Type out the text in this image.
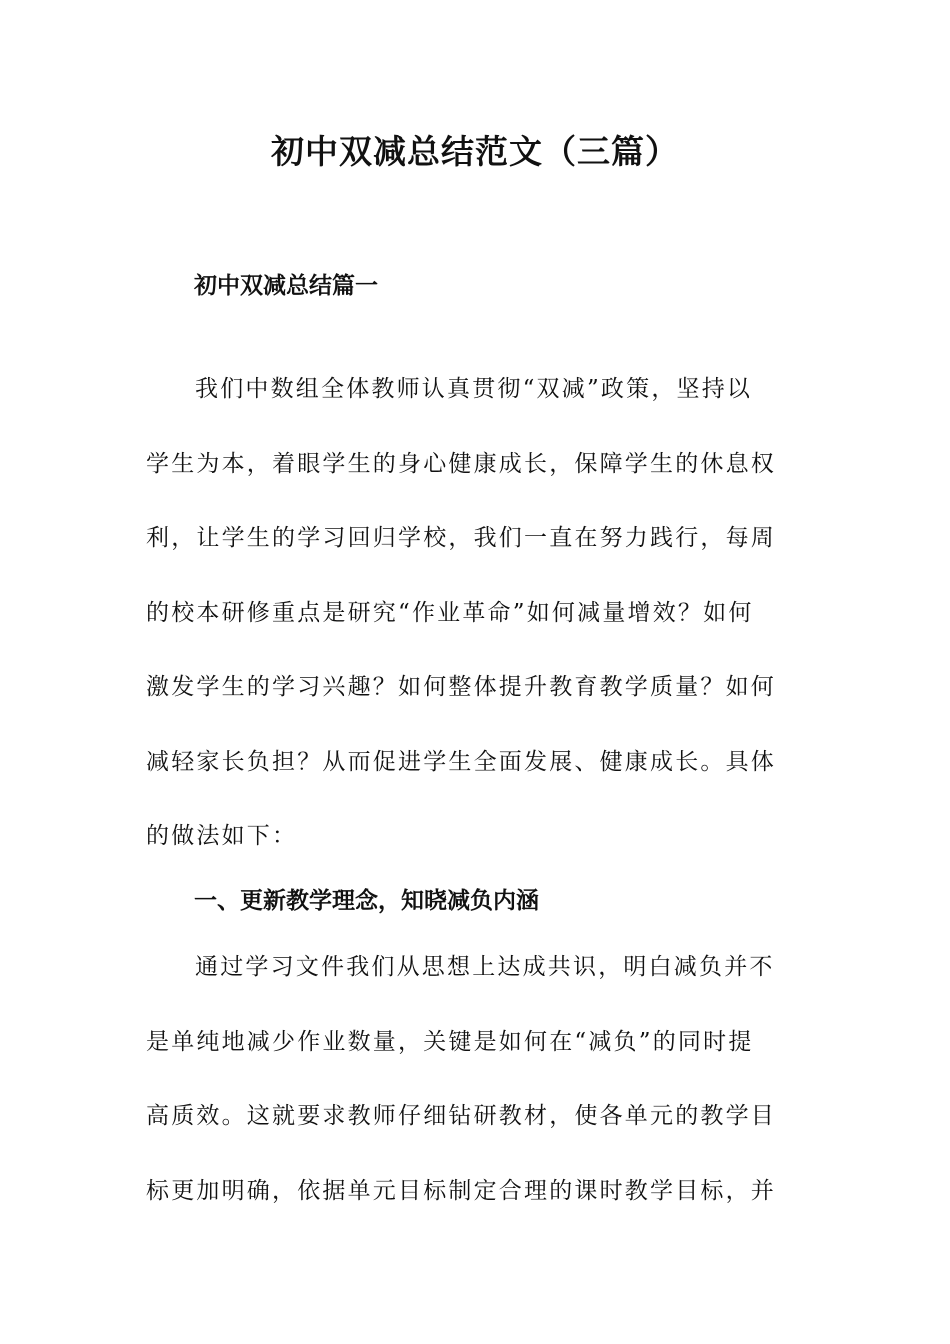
初中双减总结范文（三篇）
初中双减总结篇一
我们中数组全体教师认真贯彻“双减”政策，坚持以
学生为本，着眼学生的身心健康成长，保障学生的休息权
利，让学生的学习回归学校，我们一直在努力践行，每周
的校本研修重点是研究“作业革命”如何减量增效？如何
激发学生的学习兴趣？如何整体提升教育教学质量？如何
减轻家长负担？从而促进学生全面发展、健康成长。具体
的做法如下：
一、更新教学理念，知晓减负内涵
通过学习文件我们从思想上达成共识，明白减负并不
是单纯地减少作业数量，关键是如何在“减负”的同时提
高质效。这就要求教师仔细钻研教材，使各单元的教学目
标更加明确，依据单元目标制定合理的课时教学目标，并
